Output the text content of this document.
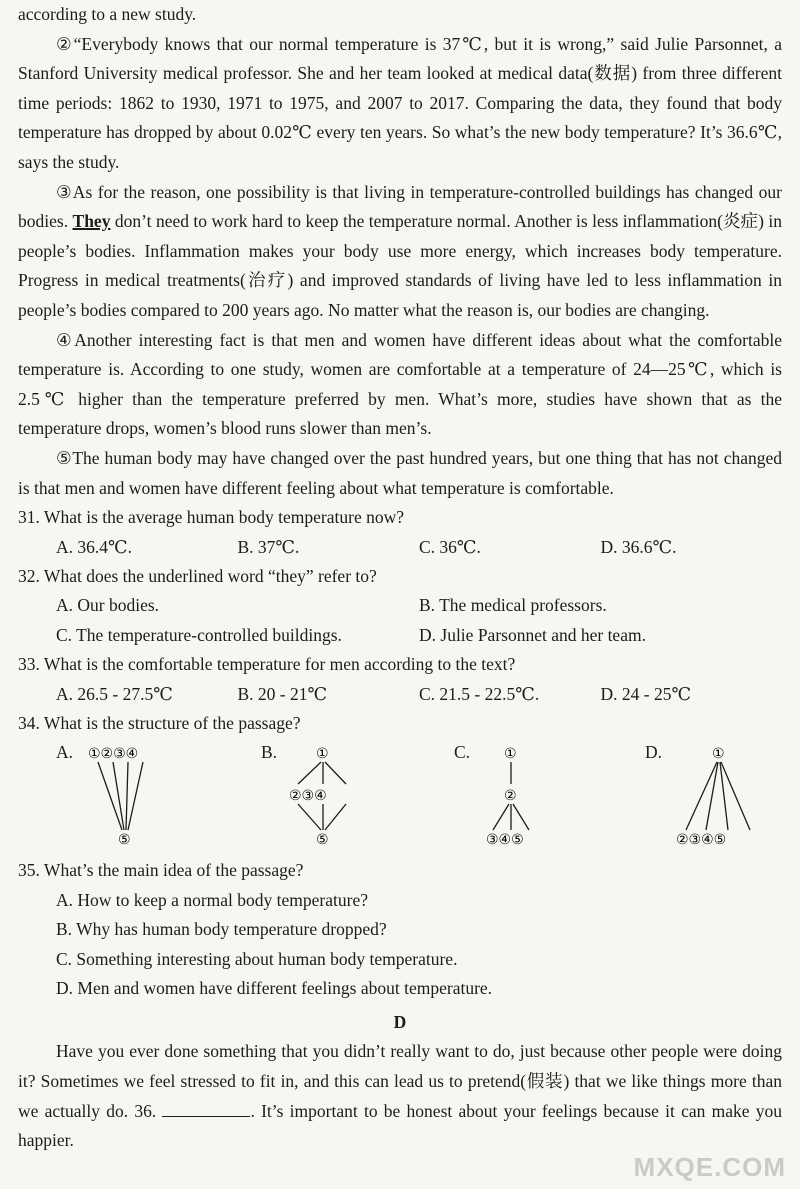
according to a new study.

②“Everybody knows that our normal temperature is 37℃, but it is wrong,” said Julie Parsonnet, a Stanford University medical professor. She and her team looked at medical data(数据) from three different time periods: 1862 to 1930, 1971 to 1975, and 2007 to 2017. Comparing the data, they found that body temperature has dropped by about 0.02℃ every ten years. So what’s the new body temperature? It’s 36.6℃, says the study.

③As for the reason, one possibility is that living in temperature-controlled buildings has changed our bodies. They don’t need to work hard to keep the temperature normal. Another is less inflammation(炎症) in people’s bodies. Inflammation makes your body use more energy, which increases body temperature. Progress in medical treatments(治疗) and improved standards of living have led to less inflammation in people’s bodies compared to 200 years ago. No matter what the reason is, our bodies are changing.

④Another interesting fact is that men and women have different ideas about what the comfortable temperature is. According to one study, women are comfortable at a temperature of 24—25℃, which is 2.5℃ higher than the temperature preferred by men. What’s more, studies have shown that as the temperature drops, women’s blood runs slower than men’s.

⑤The human body may have changed over the past hundred years, but one thing that has not changed is that men and women have different feeling about what temperature is comfortable.

31. What is the average human body temperature now?

A. 36.4℃.	B. 37℃.	C. 36℃.	D. 36.6℃.

32. What does the underlined word “they” refer to?

A. Our bodies.	B. The medical professors.
C. The temperature-controlled buildings.	D. Julie Parsonnet and her team.

33. What is the comfortable temperature for men according to the text?

A. 26.5 - 27.5℃	B. 20 - 21℃	C. 21.5 - 22.5℃.	D. 24 - 25℃

34. What is the structure of the passage?

A. ①②③④
⑤
B.	①
②③④
⑤
C. ①
②
③④⑤
D.	①
②③④⑤

35. What’s the main idea of the passage?

A. How to keep a normal body temperature?
B. Why has human body temperature dropped?
C. Something interesting about human body temperature.
D. Men and women have different feelings about temperature.

D

Have you ever done something that you didn’t really want to do, just because other people were doing it? Sometimes we feel stressed to fit in, and this can lead us to pretend(假装) that we like things more than we actually do. 36.	. It’s important to be honest about your feelings because it can make you happier.

MXQE.COM
